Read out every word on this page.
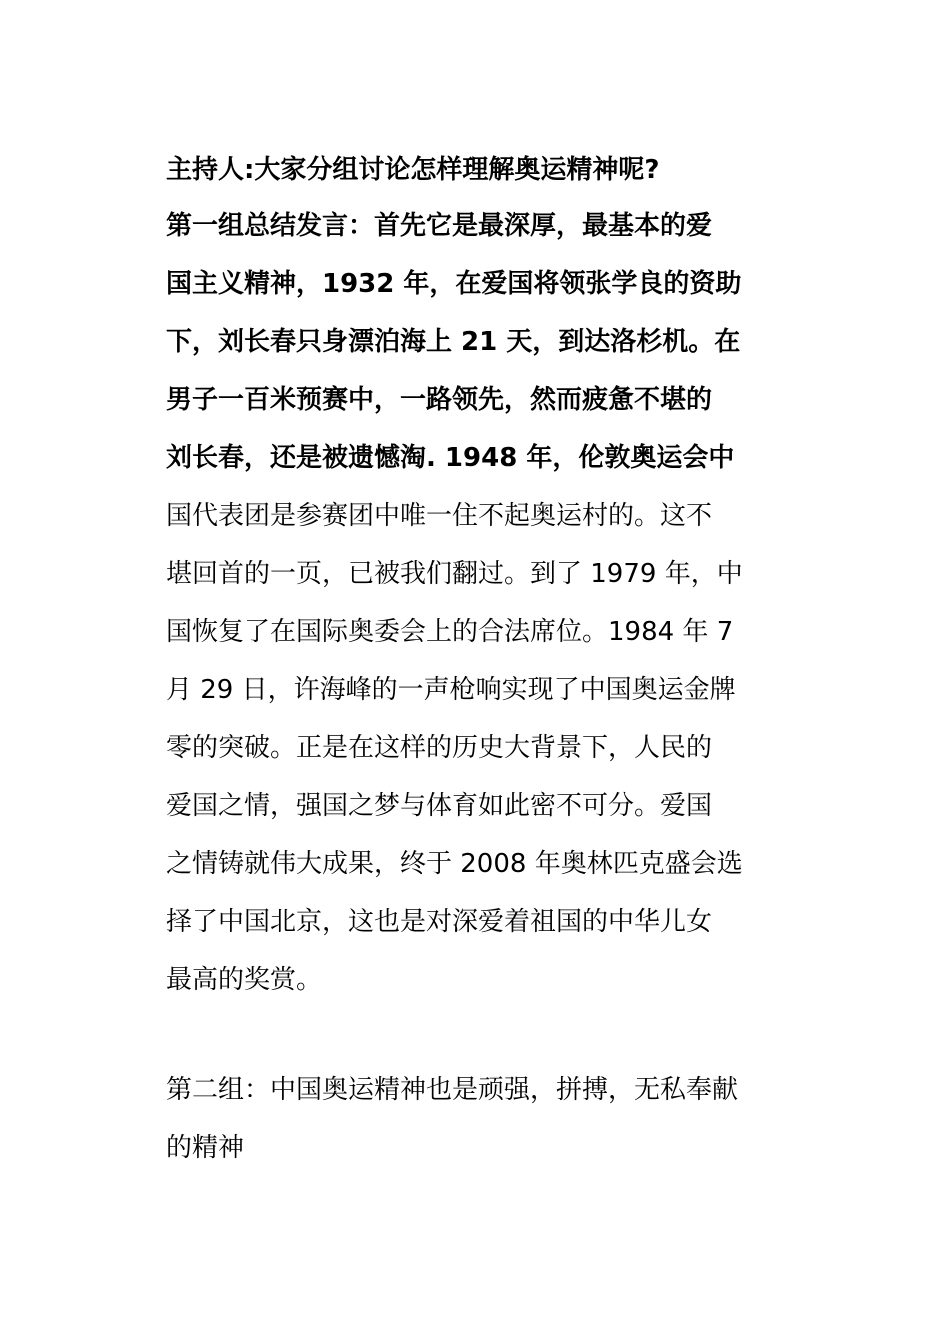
主持人:大家分组讨论怎样理解奥运精神呢?
第一组总结发言：首先它是最深厚，最基本的爱
国主义精神，1932 年，在爱国将领张学良的资助
下，刘长春只身漂泊海上 21 天，到达洛杉机。在
男子一百米预赛中，一路领先，然而疲惫不堪的
刘长春，还是被遗憾淘. 1948 年，伦敦奥运会中
国代表团是参赛团中唯一住不起奥运村的。这不
堪回首的一页，已被我们翻过。到了 1979 年，中
国恢复了在国际奥委会上的合法席位。1984 年 7
月 29 日，许海峰的一声枪响实现了中国奥运金牌
零的突破。正是在这样的历史大背景下，人民的
爱国之情，强国之梦与体育如此密不可分。爱国
之情铸就伟大成果，终于 2008 年奥林匹克盛会选
择了中国北京，这也是对深爱着祖国的中华儿女
最高的奖赏。
第二组：中国奥运精神也是顽强，拼搏，无私奉献
的精神
